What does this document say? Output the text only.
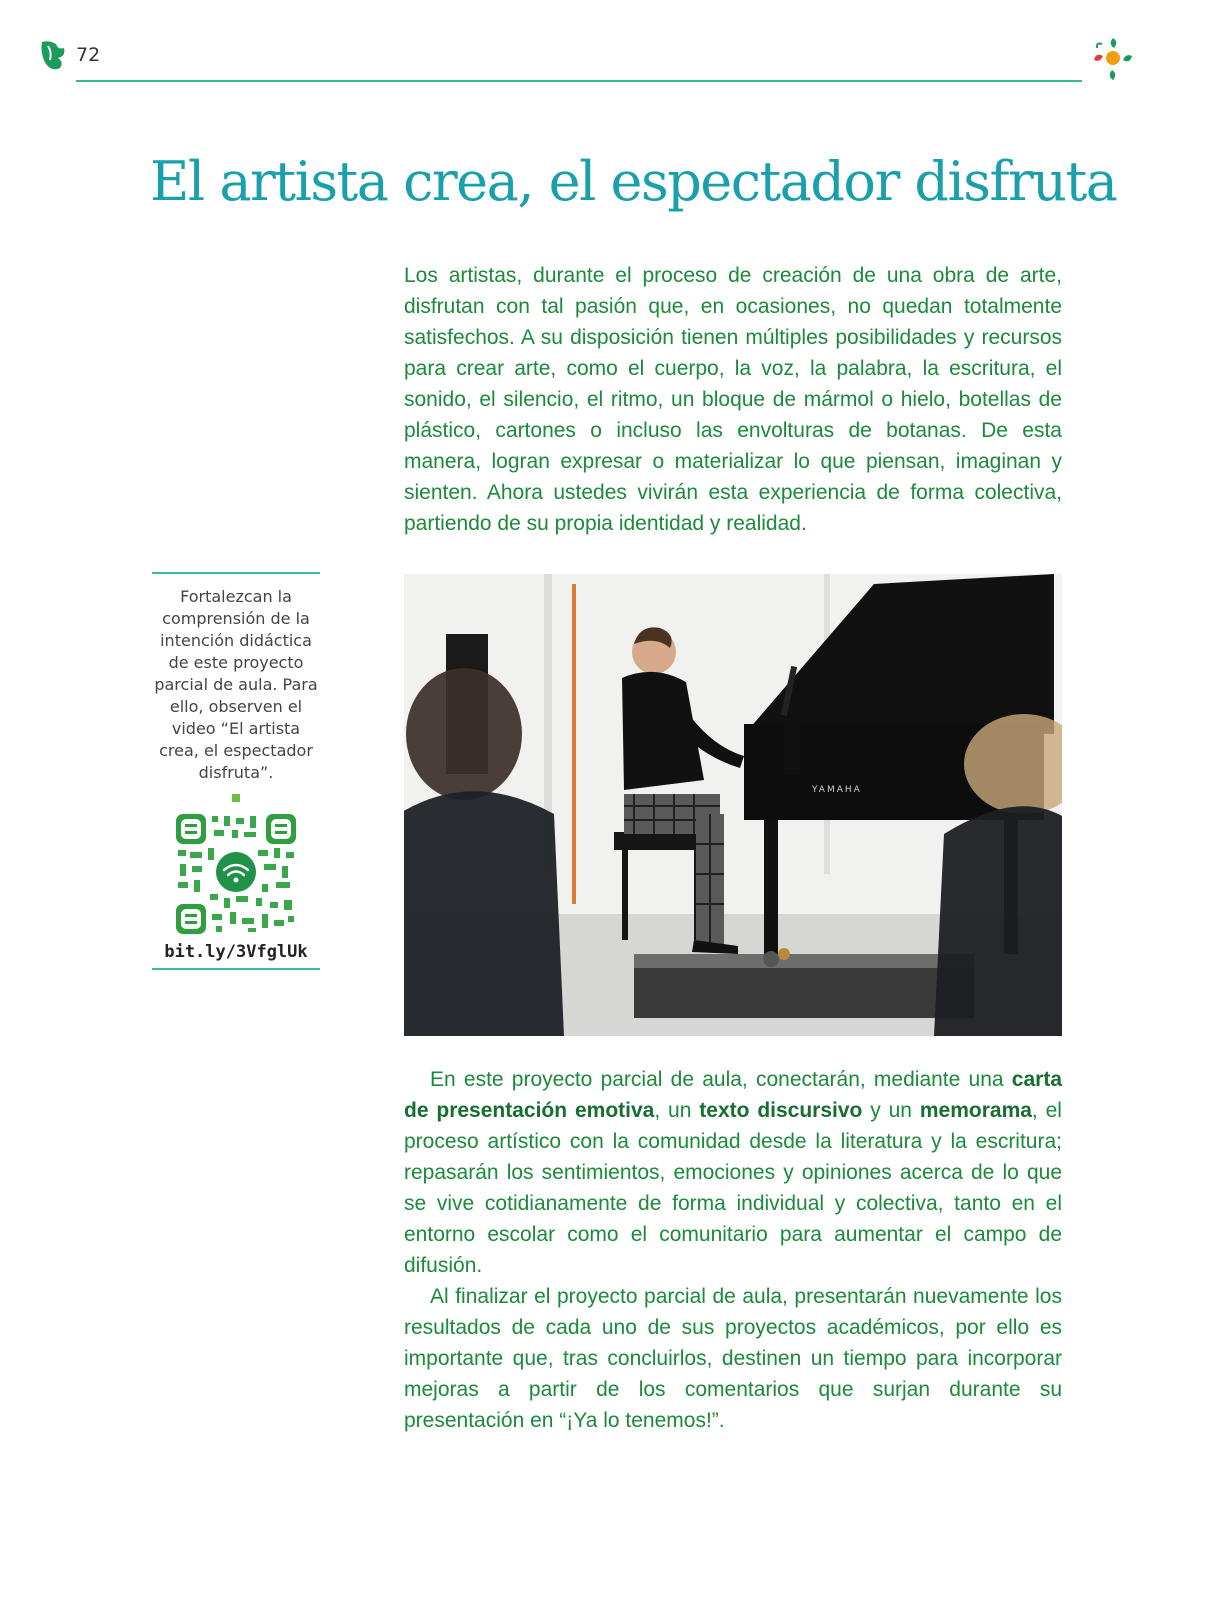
72
El artista crea, el espectador disfruta

Los artistas, durante el proceso de creación de una obra de arte, disfrutan con tal pasión que, en ocasiones, no quedan totalmente satisfechos. A su disposición tienen múltiples posibilidades y recursos para crear arte, como el cuerpo, la voz, la palabra, la escritura, el sonido, el silencio, el ritmo, un bloque de mármol o hielo, botellas de plástico, cartones o incluso las envolturas de botanas. De esta manera, logran expresar o materializar lo que piensan, imaginan y sienten. Ahora ustedes vivirán esta experiencia de forma colectiva, partiendo de su propia identidad y realidad.

Fortalezcan la comprensión de la intención didáctica de este proyecto parcial de aula. Para ello, observen el video “El artista crea, el espectador disfruta”.

bit.ly/3VfglUk
YAMAHA

En este proyecto parcial de aula, conectarán, mediante una carta de presentación emotiva, un texto discursivo y un memorama, el proceso artístico con la comunidad desde la literatura y la escritura; repasarán los sentimientos, emociones y opiniones acerca de lo que se vive cotidianamente de forma individual y colectiva, tanto en el entorno escolar como el comunitario para aumentar el campo de difusión.

Al finalizar el proyecto parcial de aula, presentarán nuevamente los resultados de cada uno de sus proyectos académicos, por ello es importante que, tras concluirlos, destinen un tiempo para incorporar mejoras a partir de los comentarios que surjan durante su presentación en “¡Ya lo tenemos!”.
